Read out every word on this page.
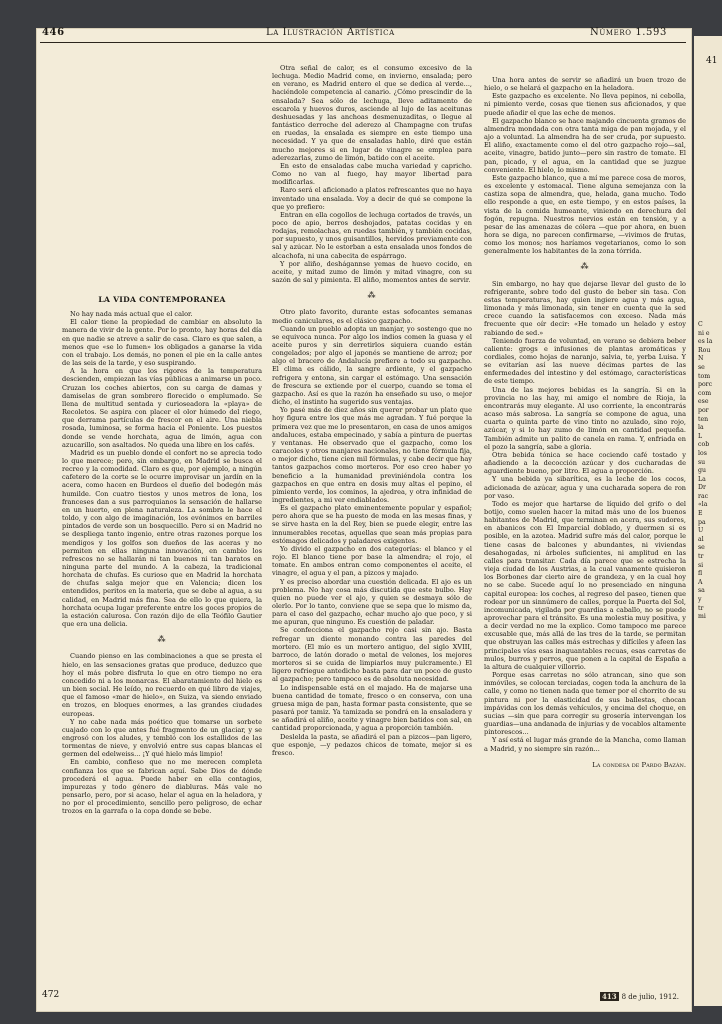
41
C
ni e
es la
Rou
N
se
tom
porc
com
ese
por
ten
la
L
cob
los
su
gu
La
Dr
rac
«la
E
pa
U
al
se
tr
si
fl
A
sa
y
tr
mi
446	La Ilustración Artística	Número 1.593
LA VIDA CONTEMPORÁNEA

No hay nada más actual que el calor.

El calor tiene la propiedad de cambiar en absoluto la manera de vivir de la gente. Por lo pronto, hay horas del día en que nadie se atreve a salir de casa. Claro es que salen, a menos que «se lo fumen» los obligados a ganarse la vida con el trabajo. Los demás, no ponen el pie en la calle antes de las seis de la tarde, y eso suspirando.

A la hora en que los rigores de la temperatura descienden, empiezan las vías públicas a animarse un poco. Cruzan los coches abiertos, con su carga de damas y damiselas de gran sombrero florecido o emplumado. Se llena de multitud sentada y curioseadora la «playa» de Recoletos. Se aspira con placer el olor húmedo del riego, que derrama partículas de frescor en el aire. Una niebla rosada, luminosa, se forma hacia el Poniente. Los puestos donde se vende horchata, agua de limón, agua con azucarillo, son asaltados. No queda una libre en los cafés.

Madrid es un pueblo donde el confort no se aprecia todo lo que merece; pero, sin embargo, en Madrid se busca el recreo y la comodidad. Claro es que, por ejemplo, a ningún cafetero de la corte se le ocurre improvisar un jardín en la acera, como hacen en Burdeos el dueño del bodegón más humilde. Con cuatro tiestos y unos metros de lona, los franceses dan a sus parroquianos la sensación de hallarse en un huerto, en plena naturaleza. La sombra le hace el toldo, y con algo de imaginación, los evónimos en barriles pintados de verde son un bosquecillo. Pero si en Madrid no se despliega tanto ingenio, entre otras razones porque los mendigos y los golfos son dueños de las aceras y no permiten en ellas ninguna innovación, en cambio los refrescos no se hallarán ni tan buenos ni tan baratos en ninguna parte del mundo. A la cabeza, la tradicional horchata de chufas. Es curioso que en Madrid la horchata de chufas salga mejor que en Valencia; dicen los entendidos, peritos en la materia, que se debe al agua, a su calidad, en Madrid más fina. Sea de ello lo que quiera, la horchata ocupa lugar preferente entre los goces propios de la estación calurosa. Con razón dijo de ella Teófilo Gautier que era una delicia.

⁂

Cuando pienso en las combinaciones a que se presta el hielo, en las sensaciones gratas que produce, deduzco que hoy el más pobre disfruta lo que en otro tiempo no era concedido ni a los monarcas. El abaratamiento del hielo es un bien social. He leído, no recuerdo en qué libro de viajes, que el famoso «mar de hielo», en Suiza, va siendo enviado en trozos, en bloques enormes, a las grandes ciudades europeas.

Y no cabe nada más poético que tomarse un sorbete cuajado con lo que antes fué fragmento de un glaciar, y se engrosó con los aludes, y tembló con los estallidos de las tormentas de nieve, y envolvió entre sus capas blancas el germen del edelweiss... ¡Y qué hielo más limpio!

En cambio, confieso que no me merecen completa confianza los que se fabrican aquí. Sabe Dios de dónde procederá el agua. Puede haber en ella contagios, impurezas y todo género de diabluras. Más vale no pensarlo, pero, por si acaso, helar el agua en la heladora, y no por el procedimiento, sencillo pero peligroso, de echar trozos en la garrafa o la copa donde se bebe.

Otra señal de calor, es el consumo excesivo de la lechuga. Medio Madrid come, en invierno, ensalada; pero en verano, es Madrid entero el que se dedica al verde..., haciéndole competencia al canario. ¿Cómo prescindir de la ensalada? Sea sólo de lechuga, lleve aditamento de escarola y huevos duros, asciende al lujo de las aceitunas deshuesadas y las anchoas desmenuzaditas, o llegue al fantástico derroche del aderezo al Champagne con trufas en ruedas, la ensalada es siempre en este tiempo una necesidad. Y ya que de ensaladas hablo, diré que están mucho mejores si en lugar de vinagre se emplea para aderezarlas, zumo de limón, batido con el aceite.

En esto de ensaladas cabe mucha variedad y capricho. Como no van al fuego, hay mayor libertad para modificarlas.

Raro será el aficionado a platos refrescantes que no haya inventado una ensalada. Voy a decir de qué se compone la que yo prefiero:

Entran en ella cogollos de lechuga cortados de través, un poco de apio, berros deshojados, patatas cocidas y en rodajas, remolachas, en ruedas también, y también cocidas, por supuesto, y unos guisantillos, hervidos previamente con sal y azúcar. No le estorban a esta ensalada unos fondos de alcachofa, ni una cabecita de espárrago.

Y por aliño, deshágannse yemas de huevo cocido, en aceite, y mitad zumo de limón y mitad vinagre, con su sazón de sal y pimienta. El aliño, momentos antes de servir.

⁂

Otro plato favorito, durante estas sofocantes semanas medio caniculares, es el clásico gazpacho.

Cuando un pueblo adopta un manjar, yo sostengo que no se equivoca nunca. Por algo los indios comen la guasa y el aceite puros y sin derretirlos siquiera cuando están congelados; por algo el japonés se mantiene de arroz; por algo el bracero de Andalucía prefiere a todo su gazpacho. El clima es cálido, la sangre ardiente, y el gazpacho refrigera y entona, sin cargar el estómago. Una sensación de frescura se extiende por el cuerpo, cuando se toma el gazpacho. Así es que la razón ha enseñado su uso, o mejor dicho, el instinto ha sugerido sus ventajas.

Yo pasé más de diez años sin querer probar un plato que hoy figura entre los que más me agradan. Y fué porque la primera vez que me lo presentaron, en casa de unos amigos andaluces, estaba empecinado, y sabía a pintura de puertas y ventanas. He observado que el gazpacho, como los caracoles y otros manjares nacionales, no tiene fórmula fija, o mejor dicho, tiene cien mil fórmulas, y cabe decir que hay tantos gazpachos como morteros. Por eso creo haber yo beneficio a la humanidad previniéndola contra los gazpachos en que entra en dosis muy altas el pepino, el pimiento verde, los cominos, la ajedrea, y otra infinidad de ingredientes, a mi ver endiablados.

Es el gazpacho plato eminentemente popular y español; pero ahora que se ha puesto de moda en las mesas finas, y se sirve hasta en la del Rey, bien se puede elegir, entre las innumerables recetas, aquellas que sean más propias para estómagos delicados y paladares exigentes.

Yo divido el gazpacho en dos categorías: el blanco y el rojo. El blanco tiene por base la almendra; el rojo, el tomate. En ambos entran como componentes el aceite, el vinagre, el agua y el pan, a pizcos y majado.

Y es preciso abordar una cuestión delicada. El ajo es un problema. No hay cosa más discutida que este bulbo. Hay quien no puede ver el ajo, y quien se desmaya sólo de olerlo. Por lo tanto, conviene que se sepa que lo mismo da, para el caso del gazpacho, echar mucho ajo que poco, y si me apuran, que ninguno. Es cuestión de paladar.

Se confecciona el gazpacho rojo casi sin ajo. Basta refregar un diente monando contra las paredes del mortero. (El mío es un mortero antiguo, del siglo XVIII, barroco, de latón dorado o metal de velones, los mejores morteros si se cuida de limpiarlos muy pulcramente.) El ligero refriegue antedicho basta para dar un poco de gusto al gazpacho; pero tampoco es de absoluta necesidad.

Lo indispensable está en el majado. Ha de majarse una buena cantidad de tomate, fresco o en conserva, con una gruesa miga de pan, hasta formar pasta consistente, que se pasará por tamiz. Ya tamizada se pondrá en la ensaladera y se añadirá el aliño, aceite y vinagre bien batidos con sal, en cantidad proporcionada, y agua a proporción también.

Deslelda la pasta, se añadirá el pan a pizcos—pan ligero, que esponje, —y pedazos chicos de tomate, mejor si es fresco.

Una hora antes de servir se añadirá un buen trozo de hielo, o se helará el gazpacho en la heladora.

Este gazpacho es excelente. No lleva pepinos, ni cebolla, ni pimiento verde, cosas que tienen sus aficionados, y que puede añadir el que las eche de menos.

El gazpacho blanco se hace majando cincuenta gramos de almendra mondada con otra tanta miga de pan mojada, y el ajo a voluntad. La almendra ha de ser cruda, por supuesto. El aliño, exactamente como el del otro gazpacho rojo—sal, aceite, vinagre, batido junto—pero sin rastro de tomate. El pan, picado, y el agua, en la cantidad que se juzgue conveniente. El hielo, lo mismo.

Este gazpacho blanco, que a mí me parece cosa de moros, es excelente y estomacal. Tiene alguna semejanza con la castiza sopa de almendra, que, helada, gana mucho. Todo ello responde a que, en este tiempo, y en estos países, la vista de la comida humeante, viniendo en derechura del fogón, repugna. Nuestros nervios están en tensión, y a pesar de las amenazas de cólera —que por ahora, en buen hora se diga, no parecen confirmarse, —vivimos de frutas, como los monos; nos haríamos vegetarianos, como lo son generalmente los habitantes de la zona tórrida.

⁂

Sin embargo, no hay que dejarse llevar del gusto de lo refrigerante, sobre todo del gusto de beber sin tasa. Con estas temperaturas, hay quien ingiere agua y más agua, limonada y más limonada, sin tener en cuenta que la sed crece cuando la satisfacemos con exceso. Nada más frecuente que oír decir: «He tomado un helado y estoy rabiando de sed.»

Teniendo fuerza de voluntad, en verano se debiera beber caliente: grogs e infusiones de plantas aromáticas y cordiales, como hojas de naranjo, salvia, te, yerba Luisa. Y se evitarían así las nueve décimas partes de las enfermedades del intestino y del estómago, características de este tiempo.

Una de las mejores bebidas es la sangría. Si en la provincia no las hay, mi amigo el nombre de Rioja, la encontrarás muy elegante. Al uso corriente, la encontrarás acaso más sabrosa. La sangría se compone de agua, una cuarta o quinta parte de vino tinto no azulado, sino rojo, azúcar, y si lo hay zumo de limón en cantidad pequeña. También admite un palito de canela en rama. Y, enfriada en el pozo la sangría, sabe a gloria.

Otra bebida tónica se hace cociendo café tostado y añadiendo a la decocción azúcar y dos cucharadas de aguardiente bueno, por litro. El agua a proporción.

Y una bebida ya sibarítica, es la leche de los cocos, adicionada de azúcar, agua y una cucharada sopera de ron por vaso.

Todo es mejor que hartarse de líquido del grifo o del botijo, como suelen hacer la mitad más uno de los buenos habitantes de Madrid, que terminan en acera, sus sudores, en abanicos con El Imparcial doblado, y duermen si es posible, en la azotea. Madrid sufre más del calor, porque le tiene casas de balcones y abundantes, ni viviendas desahogadas, ni árboles suficientes, ni amplitud en las calles para transitar. Cada día parece que se estrecha la vieja ciudad de los Austrias, a la cual vanamente quisieron los Borbones dar cierto aire de grandeza, y en la cual hoy no se cabe. Sucede aquí lo no presenciado en ninguna capital europea: los coches, al regreso del paseo, tienen que rodear por un sinnúmero de calles, porque la Puerta del Sol, incomunicada, vigilada por guardias a caballo, no se puede aprovechar para el tránsito. Es una molestia muy positiva, y a decir verdad no me la explico. Como tampoco me parece excusable que, más allá de las tres de la tarde, se permitan que obstruyan las calles más estrechas y difíciles y afeen las principales vías esas inaguantables recuas, esas carretas de mulos, burros y perros, que ponen a la capital de España a la altura de cualquier villorrio.

Porque esas carretas no sólo atrancan, sino que son inmóviles, se colocan terciadas, cogen toda la anchura de la calle, y como no tienen nada que temer por el chorrito de su pintura ni por la elasticidad de sus ballestas, chocan impávidas con los demás vehículos, y encima del choque, en sucias —sin que para corregir su grosería intervengan los guardias—una andanada de injurias y de vocablos altamente pintorescos...

Y así está el lugar más grande de la Mancha, como llaman a Madrid, y no siempre sin razón...

La condesa de Pardo Bazán.
472	413 8 de julio, 1912.
